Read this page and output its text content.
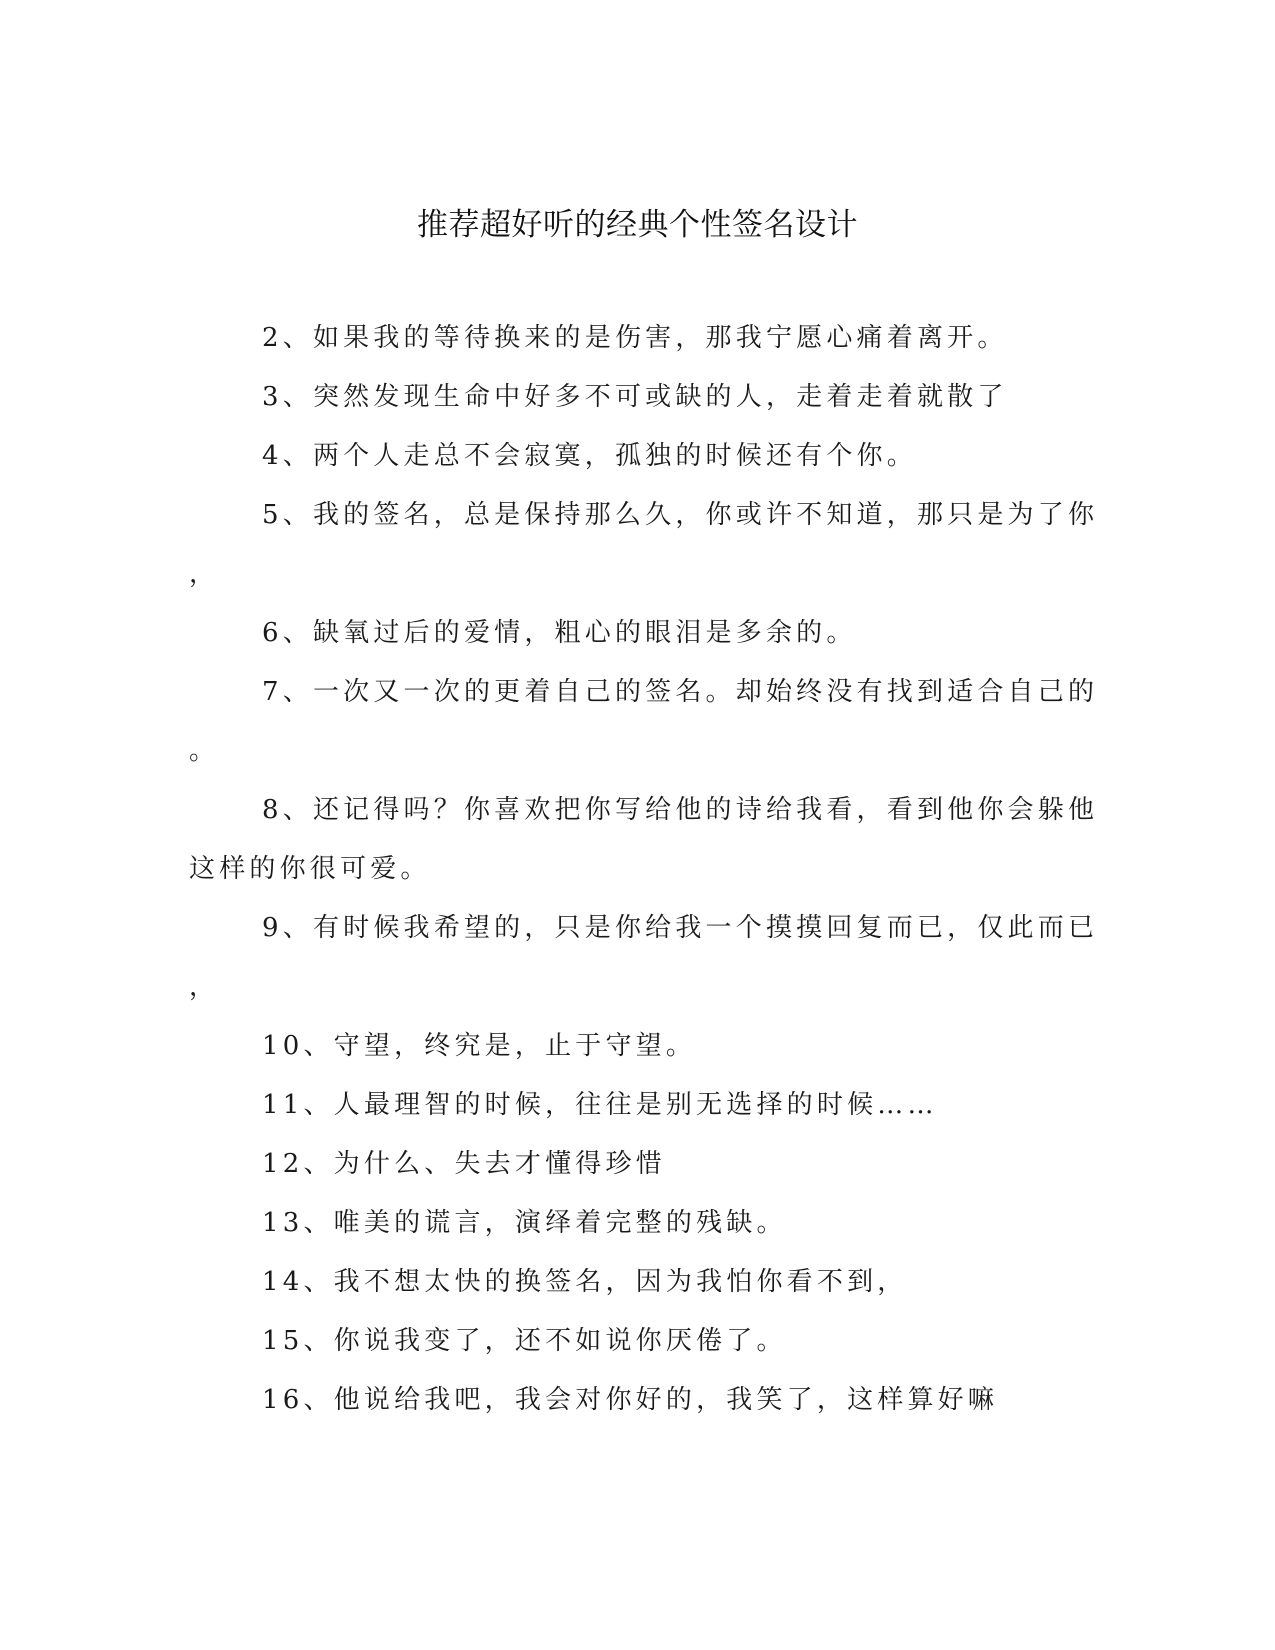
推荐超好听的经典个性签名设计
2、如果我的等待换来的是伤害，那我宁愿心痛着离开。
3、突然发现生命中好多不可或缺的人，走着走着就散了
4、两个人走总不会寂寞，孤独的时候还有个你。
5、我的签名，总是保持那么久，你或许不知道，那只是为了你
，
6、缺氧过后的爱情，粗心的眼泪是多余的。
7、一次又一次的更着自己的签名。却始终没有找到适合自己的
。
8、还记得吗？你喜欢把你写给他的诗给我看，看到他你会躲他
这样的你很可爱。
9、有时候我希望的，只是你给我一个摸摸回复而已，仅此而已
，
10、守望，终究是，止于守望。
11、人最理智的时候，往往是别无选择的时候……
12、为什么、失去才懂得珍惜
13、唯美的谎言，演绎着完整的残缺。
14、我不想太快的换签名，因为我怕你看不到，
15、你说我变了，还不如说你厌倦了。
16、他说给我吧，我会对你好的，我笑了，这样算好嘛
